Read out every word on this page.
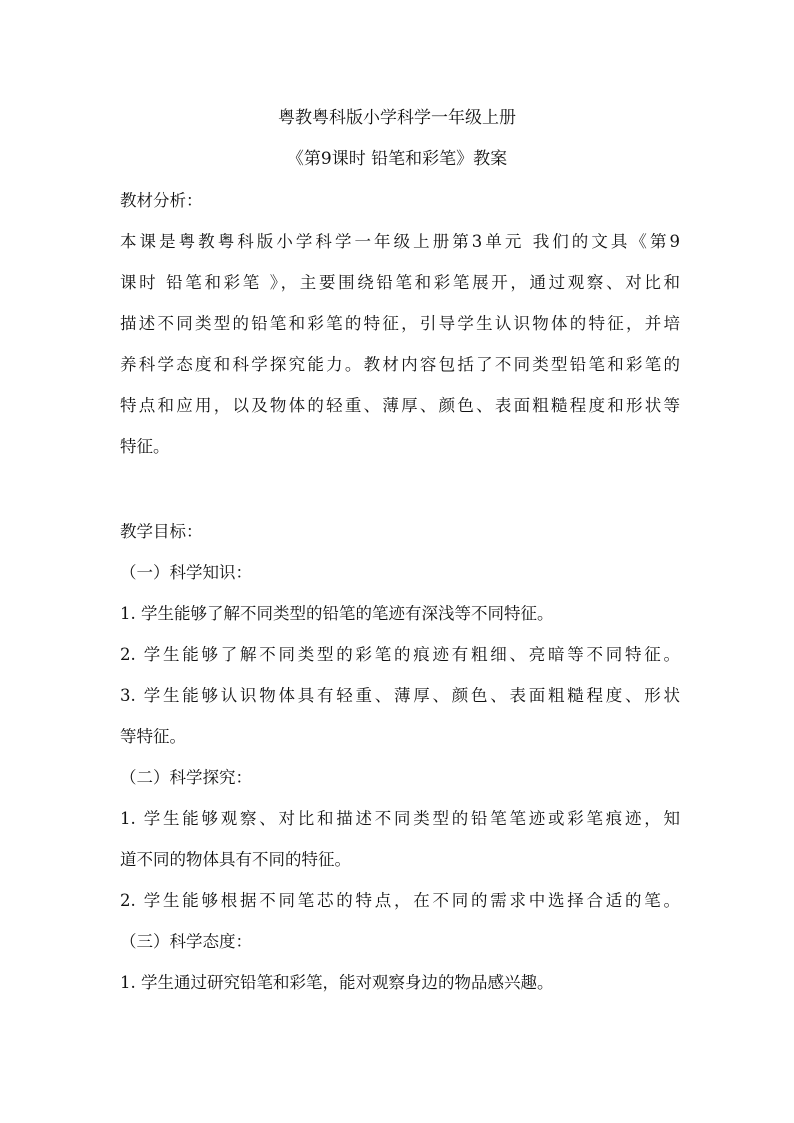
粤教粤科版小学科学一年级上册
《第9课时 铅笔和彩笔》教案
教材分析：
本课是粤教粤科版小学科学一年级上册第3单元 我们的文具《第9
课时 铅笔和彩笔 》，主要围绕铅笔和彩笔展开，通过观察、对比和
描述不同类型的铅笔和彩笔的特征，引导学生认识物体的特征，并培
养科学态度和科学探究能力。教材内容包括了不同类型铅笔和彩笔的
特点和应用，以及物体的轻重、薄厚、颜色、表面粗糙程度和形状等
特征。
教学目标：
（一）科学知识：
1. 学生能够了解不同类型的铅笔的笔迹有深浅等不同特征。
2. 学生能够了解不同类型的彩笔的痕迹有粗细、亮暗等不同特征。
3. 学生能够认识物体具有轻重、薄厚、颜色、表面粗糙程度、形状
等特征。
（二）科学探究：
1. 学生能够观察、对比和描述不同类型的铅笔笔迹或彩笔痕迹，知
道不同的物体具有不同的特征。
2. 学生能够根据不同笔芯的特点，在不同的需求中选择合适的笔。
（三）科学态度：
1. 学生通过研究铅笔和彩笔，能对观察身边的物品感兴趣。
